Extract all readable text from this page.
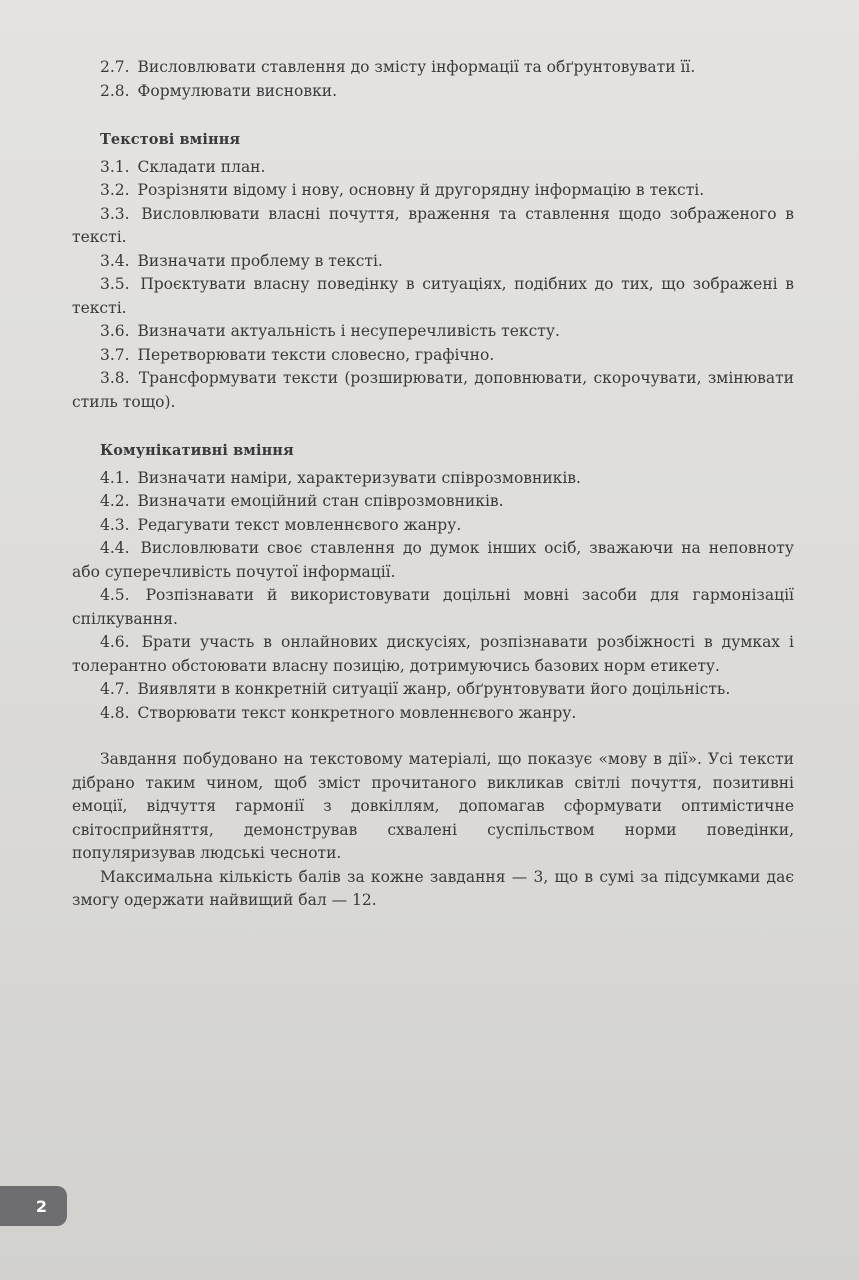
2.7. Висловлювати ставлення до змісту інформації та обґрунтовувати її.

2.8. Формулювати висновки.

Текстові вміння

3.1. Складати план.

3.2. Розрізняти відому і нову, основну й другорядну інформацію в тексті.

3.3. Висловлювати власні почуття, враження та ставлення щодо зображеного в тексті.

3.4. Визначати проблему в тексті.

3.5. Проєктувати власну поведінку в ситуаціях, подібних до тих, що зображені в тексті.

3.6. Визначати актуальність і несуперечливість тексту.

3.7. Перетворювати тексти словесно, графічно.

3.8. Трансформувати тексти (розширювати, доповнювати, скорочувати, змінювати стиль тощо).

Комунікативні вміння

4.1. Визначати наміри, характеризувати співрозмовників.

4.2. Визначати емоційний стан співрозмовників.

4.3. Редагувати текст мовленнєвого жанру.

4.4. Висловлювати своє ставлення до думок інших осіб, зважаючи на неповноту або суперечливість почутої інформації.

4.5. Розпізнавати й використовувати доцільні мовні засоби для гармонізації спілкування.

4.6. Брати участь в онлайнових дискусіях, розпізнавати розбіжності в думках і толерантно обстоювати власну позицію, дотримуючись базових норм етикету.

4.7. Виявляти в конкретній ситуації жанр, обґрунтовувати його доцільність.

4.8. Створювати текст конкретного мовленнєвого жанру.

Завдання побудовано на текстовому матеріалі, що показує «мову в дії». Усі тексти дібрано таким чином, щоб зміст прочитаного викликав світлі почуття, позитивні емоції, відчуття гармонії з довкіллям, допомагав сформувати оптимістичне світосприйняття, демонстрував схвалені суспільством норми поведінки, популяризував людські чесноти.

Максимальна кількість балів за кожне завдання — 3, що в сумі за підсумками дає змогу одержати найвищий бал — 12.

2
